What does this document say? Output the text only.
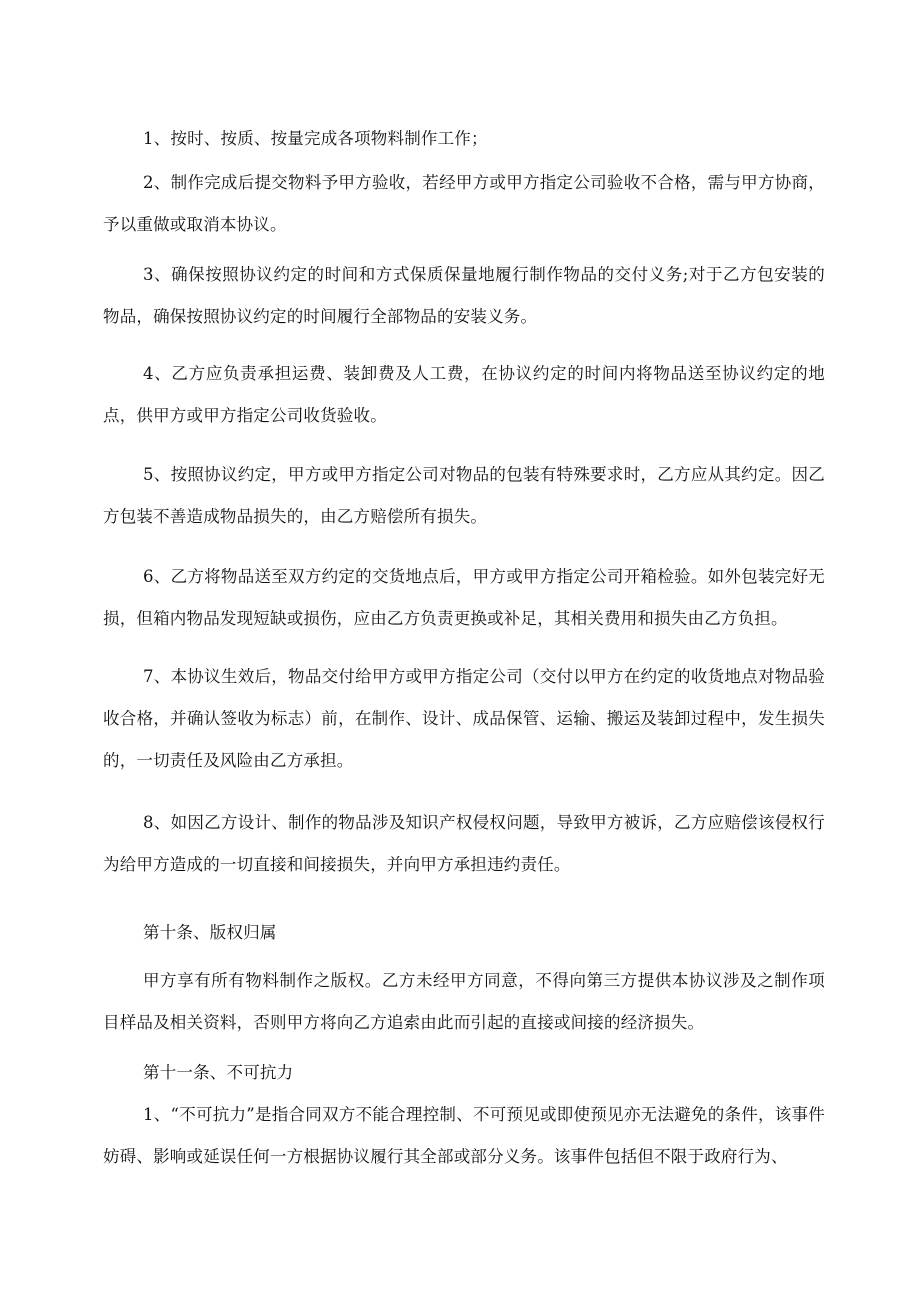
1、按时、按质、按量完成各项物料制作工作；

2、制作完成后提交物料予甲方验收，若经甲方或甲方指定公司验收不合格，需与甲方协商，予以重做或取消本协议。

3、确保按照协议约定的时间和方式保质保量地履行制作物品的交付义务;对于乙方包安装的物品，确保按照协议约定的时间履行全部物品的安装义务。

4、乙方应负责承担运费、装卸费及人工费，在协议约定的时间内将物品送至协议约定的地点，供甲方或甲方指定公司收货验收。

5、按照协议约定，甲方或甲方指定公司对物品的包装有特殊要求时，乙方应从其约定。因乙方包装不善造成物品损失的，由乙方赔偿所有损失。

6、乙方将物品送至双方约定的交货地点后，甲方或甲方指定公司开箱检验。如外包装完好无损，但箱内物品发现短缺或损伤，应由乙方负责更换或补足，其相关费用和损失由乙方负担。

7、本协议生效后，物品交付给甲方或甲方指定公司（交付以甲方在约定的收货地点对物品验收合格，并确认签收为标志）前，在制作、设计、成品保管、运输、搬运及装卸过程中，发生损失的，一切责任及风险由乙方承担。

8、如因乙方设计、制作的物品涉及知识产权侵权问题，导致甲方被诉，乙方应赔偿该侵权行为给甲方造成的一切直接和间接损失，并向甲方承担违约责任。

第十条、版权归属

甲方享有所有物料制作之版权。乙方未经甲方同意，不得向第三方提供本协议涉及之制作项目样品及相关资料，否则甲方将向乙方追索由此而引起的直接或间接的经济损失。

第十一条、不可抗力

1、“不可抗力”是指合同双方不能合理控制、不可预见或即使预见亦无法避免的条件，该事件妨碍、影响或延误任何一方根据协议履行其全部或部分义务。该事件包括但不限于政府行为、
